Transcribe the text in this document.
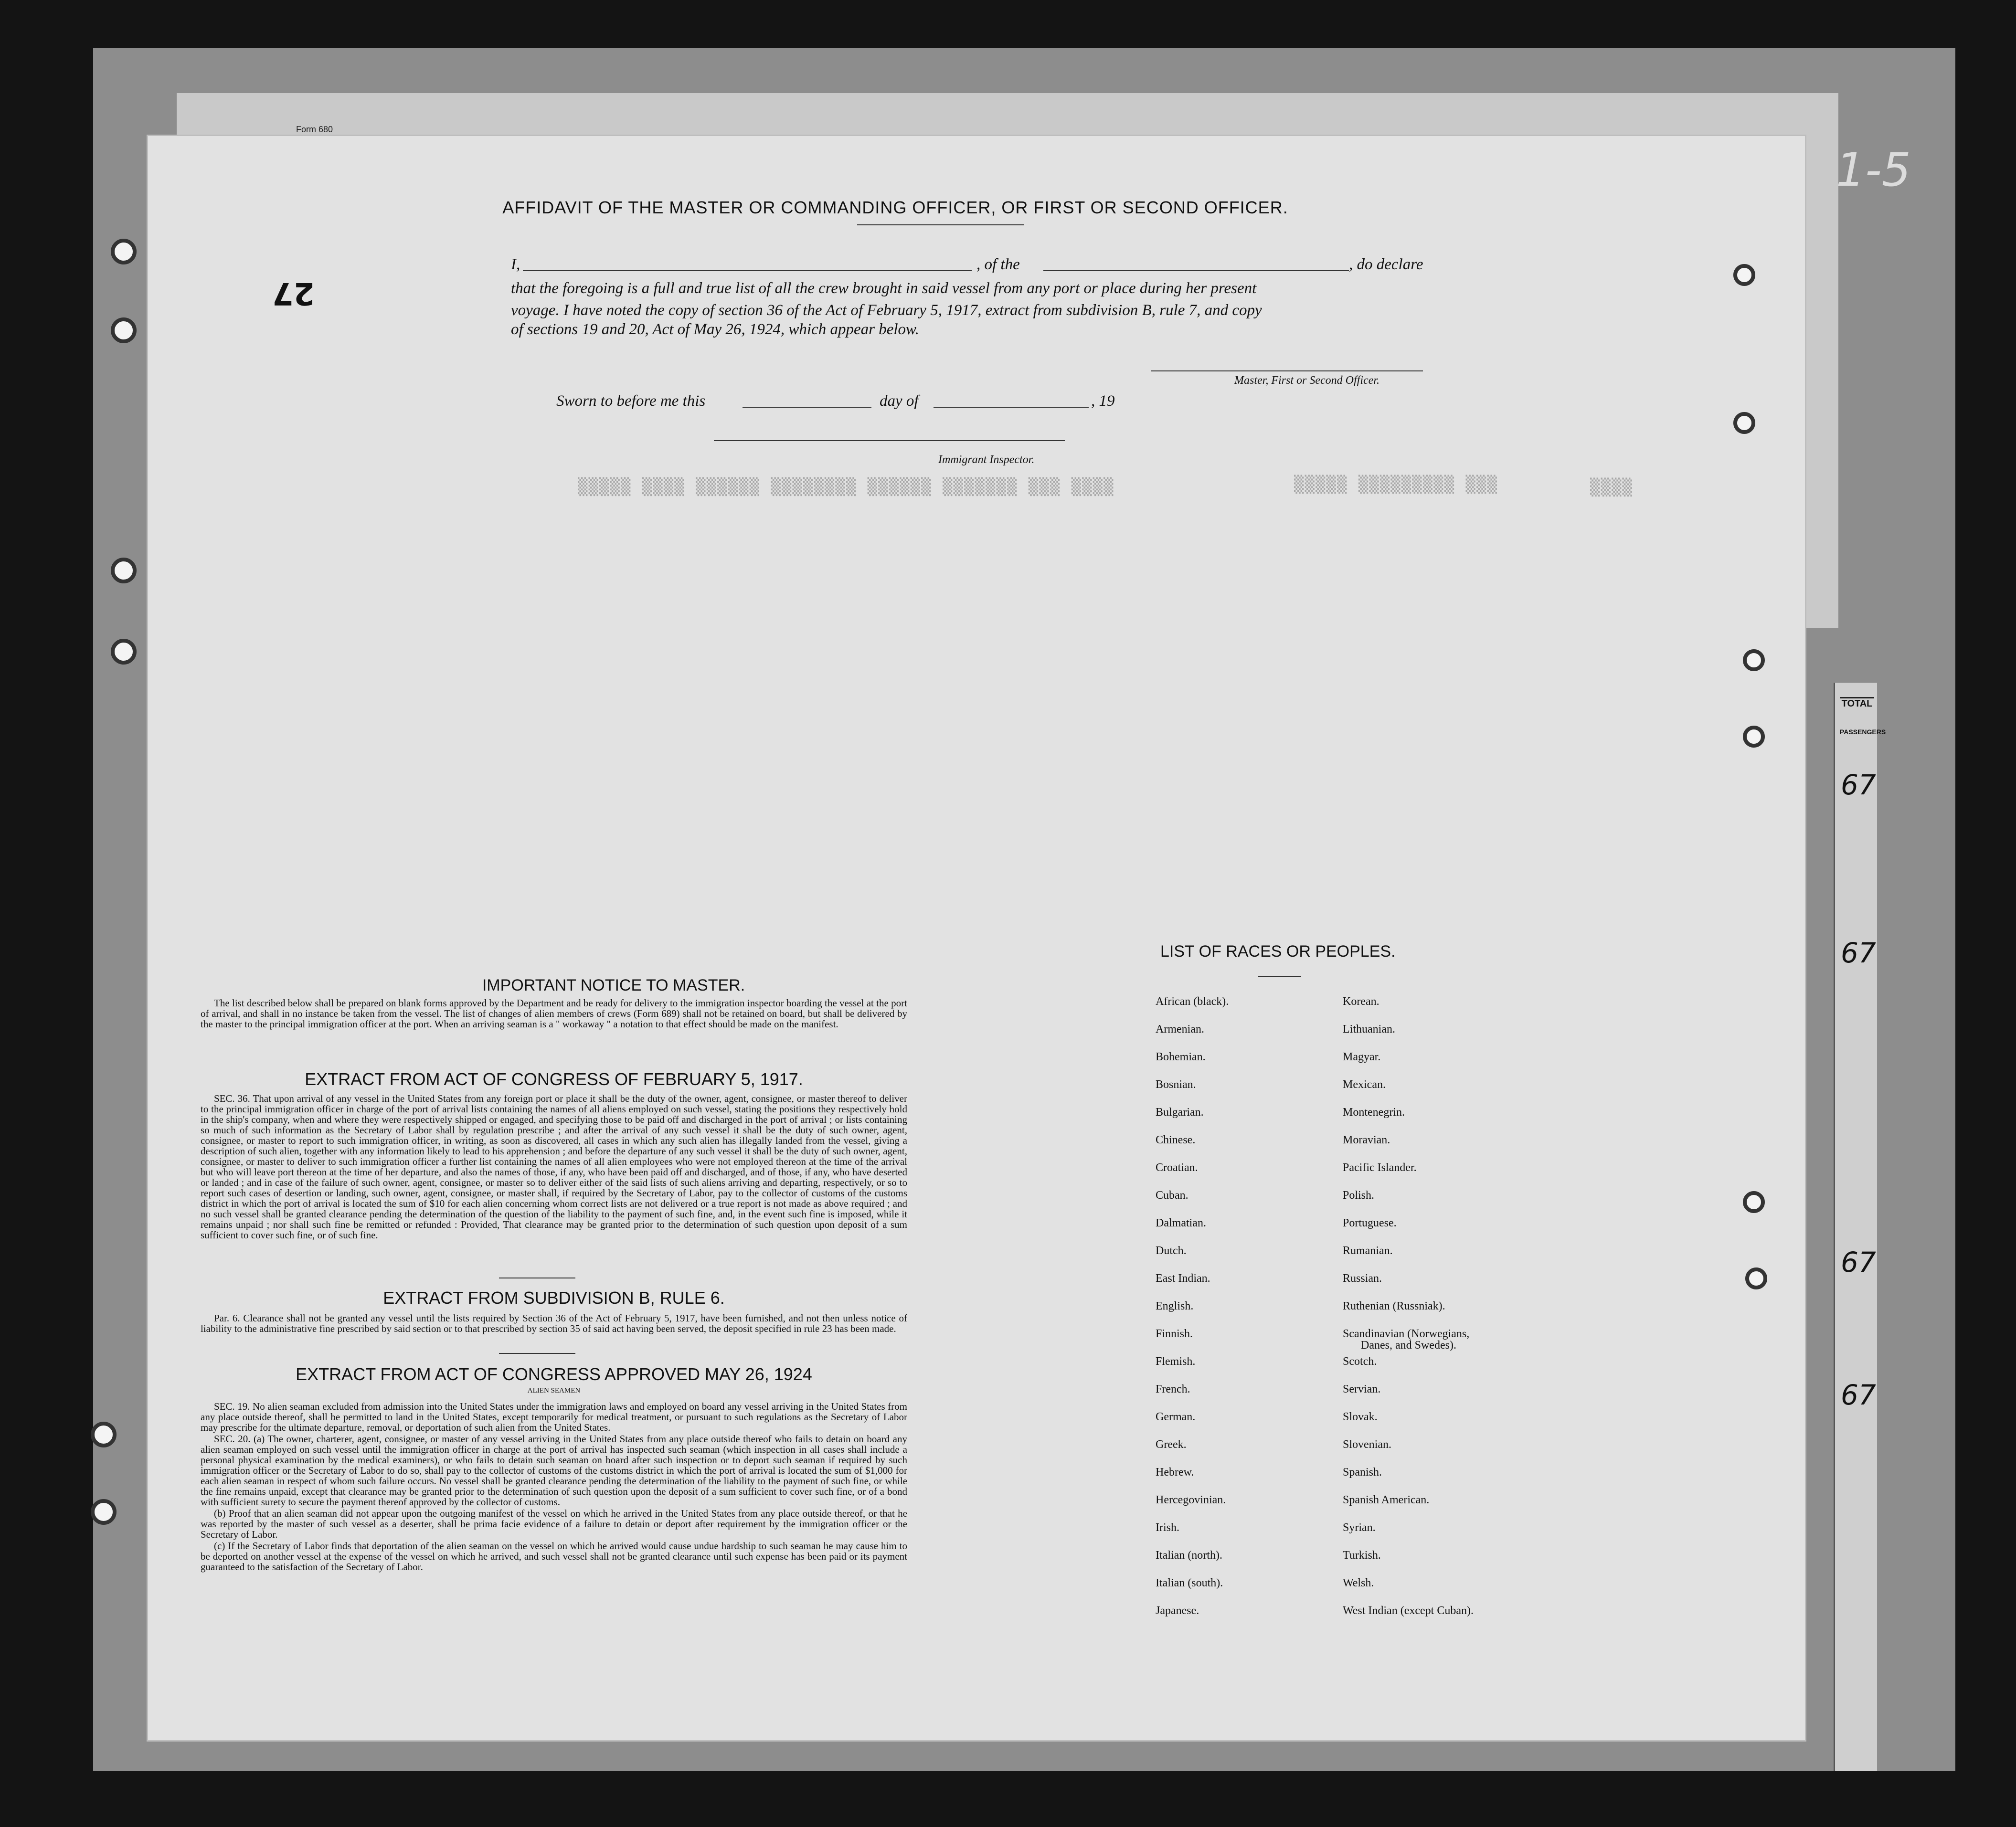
Form 680
1-5
TOTAL
PASSENGERS
67
67
67
67
▒▒▒▒▒ ▒▒▒▒▒▒▒▒▒ ▒▒▒
▒▒▒▒▒ ▒▒▒▒ ▒▒▒▒▒▒ ▒▒▒▒▒▒▒▒ ▒▒▒▒▒▒ ▒▒▒▒▒▒▒ ▒▒▒ ▒▒▒▒	▒▒▒▒
27
AFFIDAVIT OF THE MASTER OR COMMANDING OFFICER, OR FIRST OR SECOND OFFICER.
I,	, of the	, do declare
that the foregoing is a full and true list of all the crew brought in said vessel from any port or place during her present
voyage. I have noted the copy of section 36 of the Act of February 5, 1917, extract from subdivision B, rule 7, and copy
of sections 19 and 20, Act of May 26, 1924, which appear below.
Master, First or Second Officer.
Sworn to before me this	day of	, 19
Immigrant Inspector.
IMPORTANT NOTICE TO MASTER.

The list described below shall be prepared on blank forms approved by the Department and be ready for delivery to the immigration inspector boarding the vessel at the port of arrival, and shall in no instance be taken from the vessel. The list of changes of alien members of crews (Form 689) shall not be retained on board, but shall be delivered by the master to the principal immigration officer at the port. When an arriving seaman is a " workaway " a notation to that effect should be made on the manifest.

EXTRACT FROM ACT OF CONGRESS OF FEBRUARY 5, 1917.

SEC. 36. That upon arrival of any vessel in the United States from any foreign port or place it shall be the duty of the owner, agent, consignee, or master thereof to deliver to the principal immigration officer in charge of the port of arrival lists containing the names of all aliens employed on such vessel, stating the positions they respectively hold in the ship's company, when and where they were respectively shipped or engaged, and specifying those to be paid off and discharged in the port of arrival ; or lists containing so much of such information as the Secretary of Labor shall by regulation prescribe ; and after the arrival of any such vessel it shall be the duty of such owner, agent, consignee, or master to report to such immigration officer, in writing, as soon as discovered, all cases in which any such alien has illegally landed from the vessel, giving a description of such alien, together with any information likely to lead to his apprehension ; and before the departure of any such vessel it shall be the duty of such owner, agent, consignee, or master to deliver to such immigration officer a further list containing the names of all alien employees who were not employed thereon at the time of the arrival but who will leave port thereon at the time of her departure, and also the names of those, if any, who have been paid off and discharged, and of those, if any, who have deserted or landed ; and in case of the failure of such owner, agent, consignee, or master so to deliver either of the said lists of such aliens arriving and departing, respectively, or so to report such cases of desertion or landing, such owner, agent, consignee, or master shall, if required by the Secretary of Labor, pay to the collector of customs of the customs district in which the port of arrival is located the sum of $10 for each alien concerning whom correct lists are not delivered or a true report is not made as above required ; and no such vessel shall be granted clearance pending the determination of the question of the liability to the payment of such fine, and, in the event such fine is imposed, while it remains unpaid ; nor shall such fine be remitted or refunded : Provided, That clearance may be granted prior to the determination of such question upon deposit of a sum sufficient to cover such fine, or of such fine.

EXTRACT FROM SUBDIVISION B, RULE 6.

Par. 6. Clearance shall not be granted any vessel until the lists required by Section 36 of the Act of February 5, 1917, have been furnished, and not then unless notice of liability to the administrative fine prescribed by said section or to that prescribed by section 35 of said act having been served, the deposit specified in rule 23 has been made.

EXTRACT FROM ACT OF CONGRESS APPROVED MAY 26, 1924
ALIEN SEAMEN

SEC. 19. No alien seaman excluded from admission into the United States under the immigration laws and employed on board any vessel arriving in the United States from any place outside thereof, shall be permitted to land in the United States, except temporarily for medical treatment, or pursuant to such regulations as the Secretary of Labor may prescribe for the ultimate departure, removal, or deportation of such alien from the United States.

SEC. 20. (a) The owner, charterer, agent, consignee, or master of any vessel arriving in the United States from any place outside thereof who fails to detain on board any alien seaman employed on such vessel until the immigration officer in charge at the port of arrival has inspected such seaman (which inspection in all cases shall include a personal physical examination by the medical examiners), or who fails to detain such seaman on board after such inspection or to deport such seaman if required by such immigration officer or the Secretary of Labor to do so, shall pay to the collector of customs of the customs district in which the port of arrival is located the sum of $1,000 for each alien seaman in respect of whom such failure occurs. No vessel shall be granted clearance pending the determination of the liability to the payment of such fine, or while the fine remains unpaid, except that clearance may be granted prior to the determination of such question upon the deposit of a sum sufficient to cover such fine, or of a bond with sufficient surety to secure the payment thereof approved by the collector of customs.

(b) Proof that an alien seaman did not appear upon the outgoing manifest of the vessel on which he arrived in the United States from any place outside thereof, or that he was reported by the master of such vessel as a deserter, shall be prima facie evidence of a failure to detain or deport after requirement by the immigration officer or the Secretary of Labor.

(c) If the Secretary of Labor finds that deportation of the alien seaman on the vessel on which he arrived would cause undue hardship to such seaman he may cause him to be deported on another vessel at the expense of the vessel on which he arrived, and such vessel shall not be granted clearance until such expense has been paid or its payment guaranteed to the satisfaction of the Secretary of Labor.

LIST OF RACES OR PEOPLES.
African (black).
Armenian.
Bohemian.
Bosnian.
Bulgarian.
Chinese.
Croatian.
Cuban.
Dalmatian.
Dutch.
East Indian.
English.
Finnish.
Flemish.
French.
German.
Greek.
Hebrew.
Hercegovinian.
Irish.
Italian (north).
Italian (south).
Japanese.
Korean.
Lithuanian.
Magyar.
Mexican.
Montenegrin.
Moravian.
Pacific Islander.
Polish.
Portuguese.
Rumanian.
Russian.
Ruthenian (Russniak).
Scandinavian (Norwegians,
Danes, and Swedes).
Scotch.
Servian.
Slovak.
Slovenian.
Spanish.
Spanish American.
Syrian.
Turkish.
Welsh.
West Indian (except Cuban).
